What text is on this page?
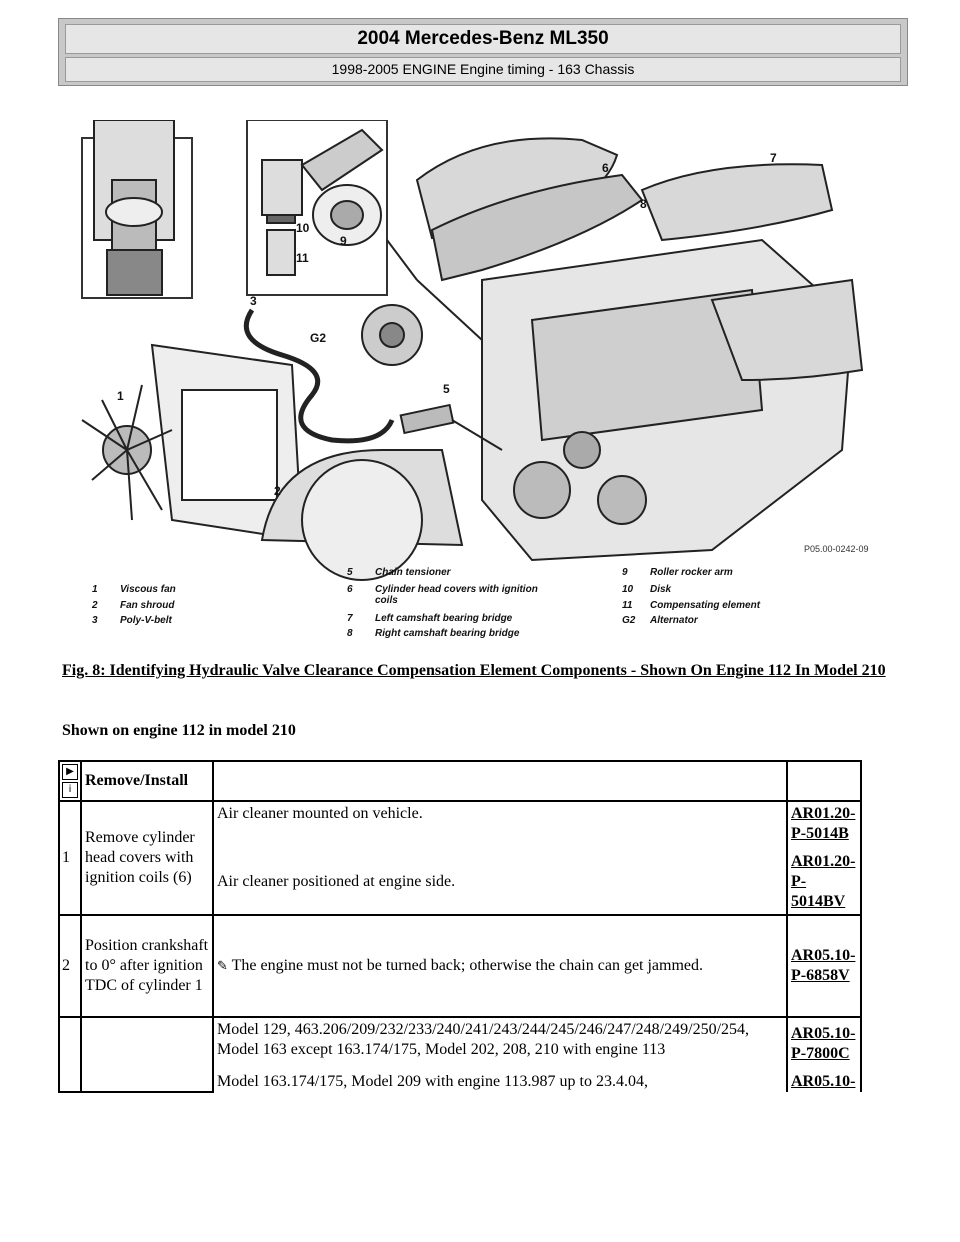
2004 Mercedes-Benz ML350
1998-2005 ENGINE Engine timing - 163 Chassis
1
2
3
5
6
7
8
9
10
11
G2
P05.00-0242-09
1 Viscous fan
2 Fan shroud
3 Poly-V-belt
5 Chain tensioner
6 Cylinder head covers with ignition coils
7 Left camshaft bearing bridge
8 Right camshaft bearing bridge
9 Roller rocker arm
10 Disk
11 Compensating element
G2 Alternator
Fig. 8: Identifying Hydraulic Valve Clearance Compensation Element Components - Shown On Engine 112 In Model 210
Shown on engine 112 in model 210
▶
i	Remove/Install		
1	Remove cylinder head covers with ignition coils (6)	Air cleaner mounted on vehicle.	AR01.20-P-5014B
		Air cleaner positioned at engine side.	AR01.20-P-5014BV
2	Position crankshaft to 0° after ignition TDC of cylinder 1	✎ The engine must not be turned back; otherwise the chain can get jammed.	AR05.10-P-6858V
		Model 129, 463.206/209/232/233/240/241/243/244/245/246/247/248/249/250/254, Model 163 except 163.174/175, Model 202, 208, 210 with engine 113	AR05.10-P-7800C

		Model 163.174/175, Model 209 with engine 113.987 up to 23.4.04,	AR05.10-
